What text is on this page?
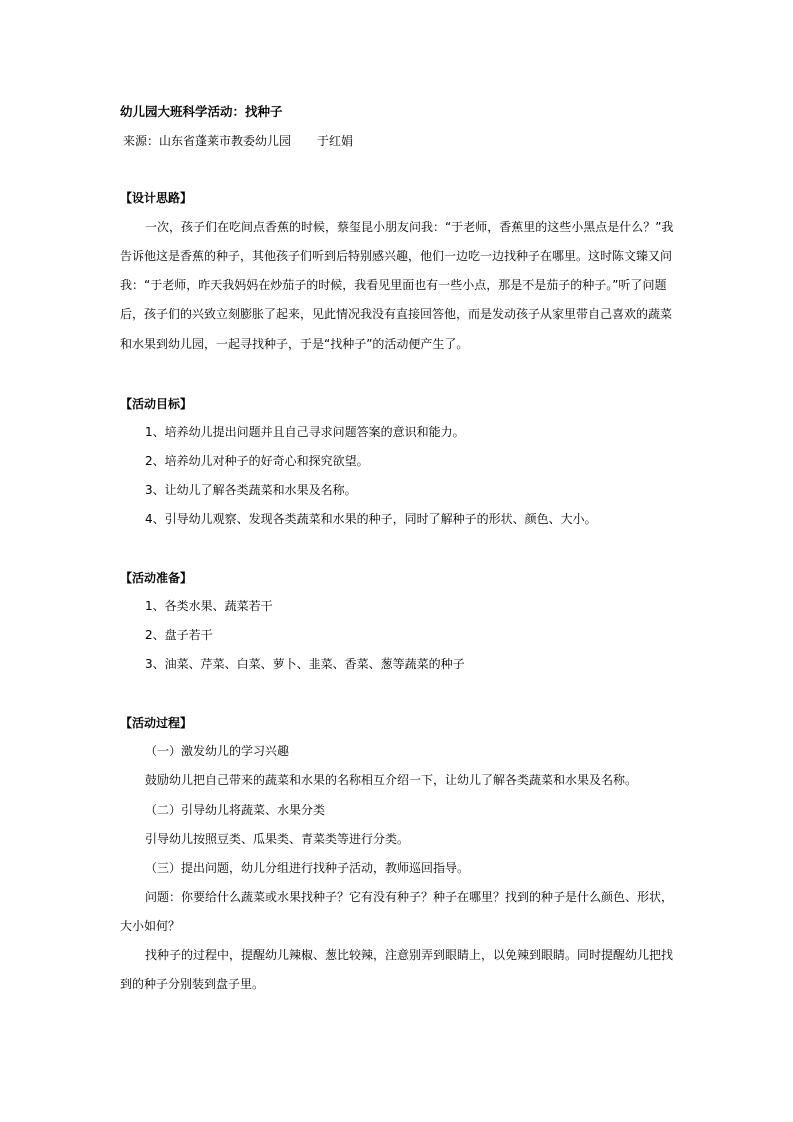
幼儿园大班科学活动：找种子
来源：山东省蓬莱市教委幼儿园 于红娟
【设计思路】
一次，孩子们在吃间点香蕉的时候，蔡玺昆小朋友问我：“于老师，香蕉里的这些小黑点是什么？”我
告诉他这是香蕉的种子，其他孩子们听到后特别感兴趣，他们一边吃一边找种子在哪里。这时陈文臻又问
我：“于老师，昨天我妈妈在炒茄子的时候，我看见里面也有一些小点，那是不是茄子的种子。”听了问题
后，孩子们的兴致立刻膨胀了起来，见此情况我没有直接回答他，而是发动孩子从家里带自己喜欢的蔬菜
和水果到幼儿园，一起寻找种子，于是“找种子”的活动便产生了。
【活动目标】
1、培养幼儿提出问题并且自己寻求问题答案的意识和能力。
2、培养幼儿对种子的好奇心和探究欲望。
3、让幼儿了解各类蔬菜和水果及名称。
4、引导幼儿观察、发现各类蔬菜和水果的种子，同时了解种子的形状、颜色、大小。
【活动准备】
1、各类水果、蔬菜若干
2、盘子若干
3、油菜、芹菜、白菜、萝卜、韭菜、香菜、葱等蔬菜的种子
【活动过程】
（一）激发幼儿的学习兴趣
鼓励幼儿把自己带来的蔬菜和水果的名称相互介绍一下，让幼儿了解各类蔬菜和水果及名称。
（二）引导幼儿将蔬菜、水果分类
引导幼儿按照豆类、瓜果类、青菜类等进行分类。
（三）提出问题，幼儿分组进行找种子活动，教师巡回指导。
问题：你要给什么蔬菜或水果找种子？它有没有种子？种子在哪里？找到的种子是什么颜色、形状，
大小如何？
找种子的过程中，提醒幼儿辣椒、葱比较辣，注意别弄到眼睛上，以免辣到眼睛。同时提醒幼儿把找
到的种子分别装到盘子里。
